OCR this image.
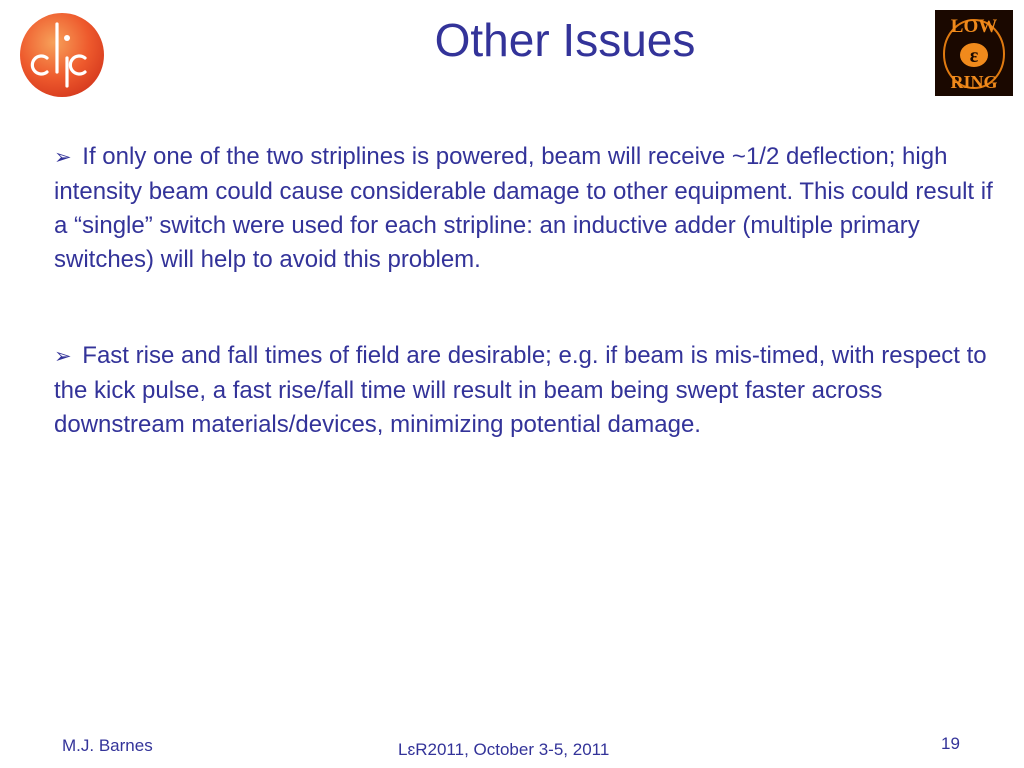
Other Issues	LOW
ε
RING

➢ If only one of the two striplines is powered, beam will receive ~1/2 deflection; high intensity beam could cause considerable damage to other equipment. This could result if a “single” switch were used for each stripline: an inductive adder (multiple primary switches) will help to avoid this problem.

➢ Fast rise and fall times of field are desirable; e.g. if beam is mis-timed, with respect to the kick pulse, a fast rise/fall time will result in beam being swept faster across downstream materials/devices, minimizing potential damage.

M.J. Barnes	LɛR2011, October 3-5, 2011	19
